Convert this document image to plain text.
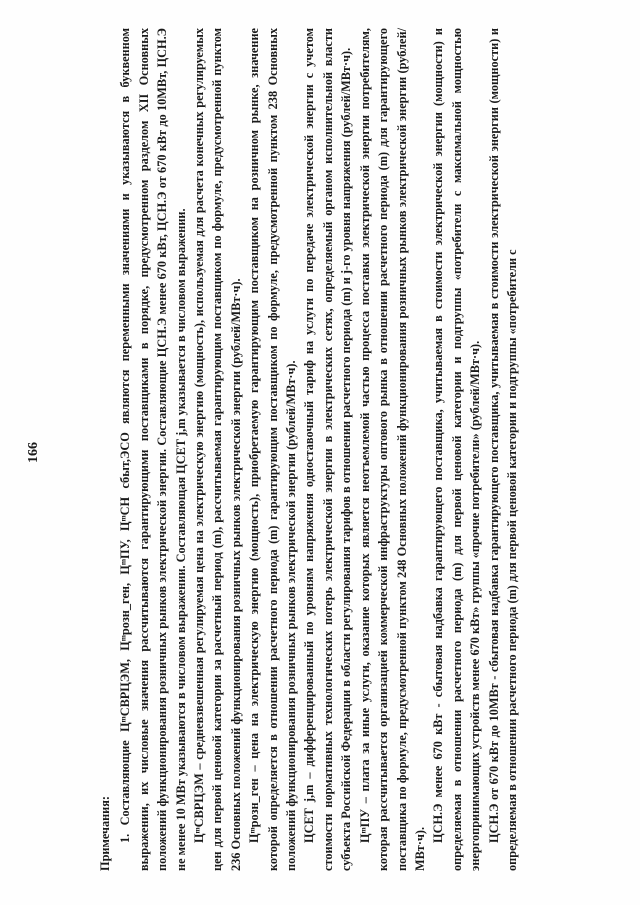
166

Примечания: 1. Составляющие ЦᵐСВРЦЭМ, Цᵐрозн_ген, ЦᵐПУ, ЦᵐСН сбыт,ЭСО являются переменными значениями и указываются в буквенном выражении, их числовые значения рассчитываются гарантирующими поставщиками в порядке, предусмотренном разделом XII Основных положений функционирования розничных рынков электрической энергии. Составляющие ЦСН.Э менее 670 кВт, ЦСН.Э от 670 кВт до 10МВт, ЦСН.Э не менее 10 МВт указываются в числовом выражении. Составляющая ЦСЕТ j,m указывается в числовом выражении. ЦᵐСВРЦЭМ – средневзвешенная регулируемая цена на электрическую энергию (мощность), используемая для расчета конечных регулируемых цен для первой ценовой категории за расчетный период (m), рассчитываемая гарантирующим поставщиком по формуле, предусмотренной пунктом 236 Основных положений функционирования розничных рынков электрической энергии (рублей/МВт·ч). Цᵐрозн_ген – цена на электрическую энергию (мощность), приобретаемую гарантирующим поставщиком на розничном рынке, значение которой определяется в отношении расчетного периода (m) гарантирующим поставщиком по формуле, предусмотренной пунктом 238 Основных положений функционирования розничных рынков электрической энергии (рублей/МВт·ч). ЦСЕТ j,m – дифференцированный по уровням напряжения одноставочный тариф на услуги по передаче электрической энергии с учетом стоимости нормативных технологических потерь электрической энергии в электрических сетях, определяемый органом исполнительной власти субъекта Российской Федерации в области регулирования тарифов в отношении расчетного периода (m) и j-го уровня напряжения (рублей/МВт·ч). ЦᵐПУ – плата за иные услуги, оказание которых является неотъемлемой частью процесса поставки электрической энергии потребителям, которая рассчитывается организацией коммерческой инфраструктуры оптового рынка в отношении расчетного периода (m) для гарантирующего поставщика по формуле, предусмотренной пунктом 248 Основных положений функционирования розничных рынков электрической энергии (рублей/МВт·ч).

ЦСН.Э менее 670 кВт - сбытовая надбавка гарантирующего поставщика, учитываемая в стоимости электрической энергии (мощности) и определяемая в отношении расчетного периода (m) для первой ценовой категории и подгруппы «потребители с максимальной мощностью энергопринимающих устройств менее 670 кВт» группы «прочие потребители» (рублей/МВт·ч). ЦСН.Э от 670 кВт до 10МВт - сбытовая надбавка гарантирующего поставщика, учитываемая в стоимости электрической энергии (мощности) и определяемая в отношении расчетного периода (m) для первой ценовой категории и подгруппы «потребители с
